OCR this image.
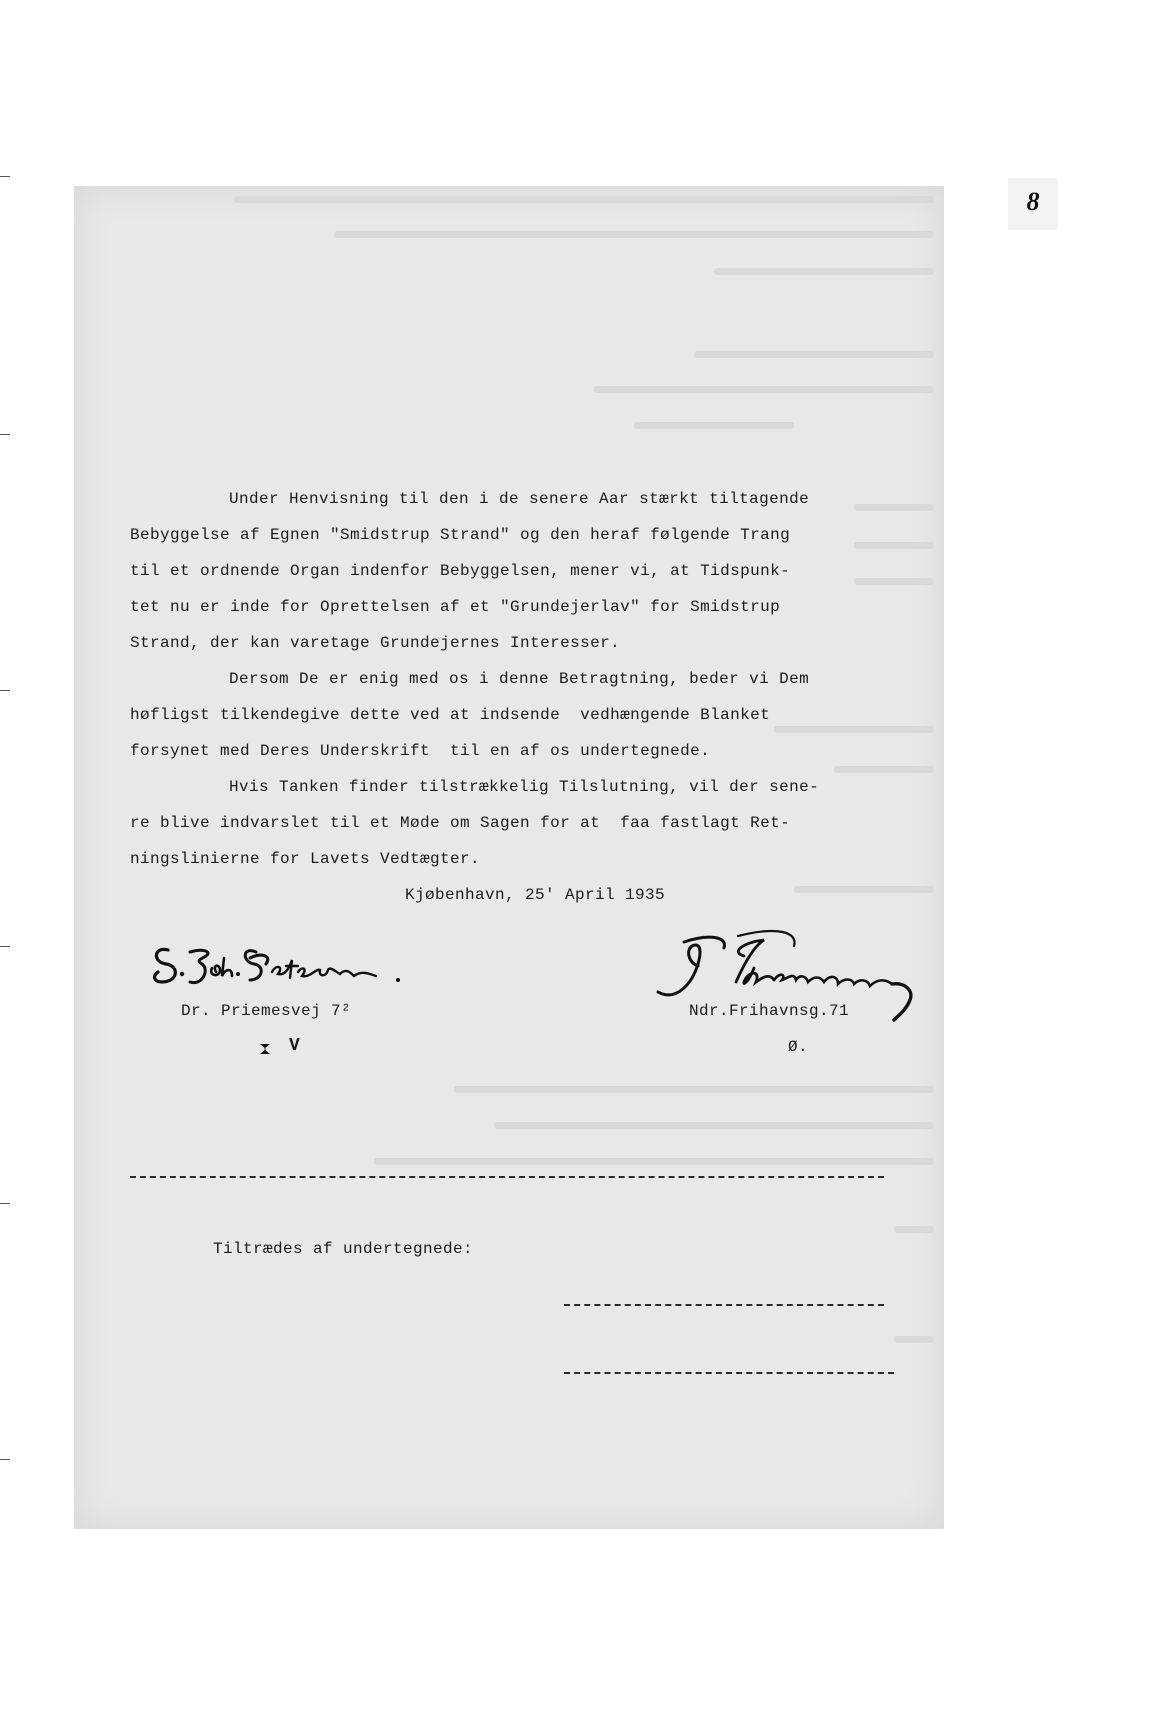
8
Under Henvisning til den i de senere Aar stærkt tiltagende
Bebyggelse af Egnen "Smidstrup Strand" og den heraf følgende Trang
til et ordnende Organ indenfor Bebyggelsen, mener vi, at Tidspunk-
tet nu er inde for Oprettelsen af et "Grundejerlav" for Smidstrup
Strand, der kan varetage Grundejernes Interesser.
Dersom De er enig med os i denne Betragtning, beder vi Dem
høfligst tilkendegive dette ved at indsende  vedhængende Blanket
forsynet med Deres Underskrift  til en af os undertegnede.
Hvis Tanken finder tilstrækkelig Tilslutning, vil der sene-
re blive indvarslet til et Møde om Sagen for at  faa fastlagt Ret-
ningslinierne for Lavets Vedtægter.
Kjøbenhavn, 25' April 1935
Dr. Priemesvej 7²
V
Ndr.Frihavnsg.71
Ø.
Tiltrædes af undertegnede:
